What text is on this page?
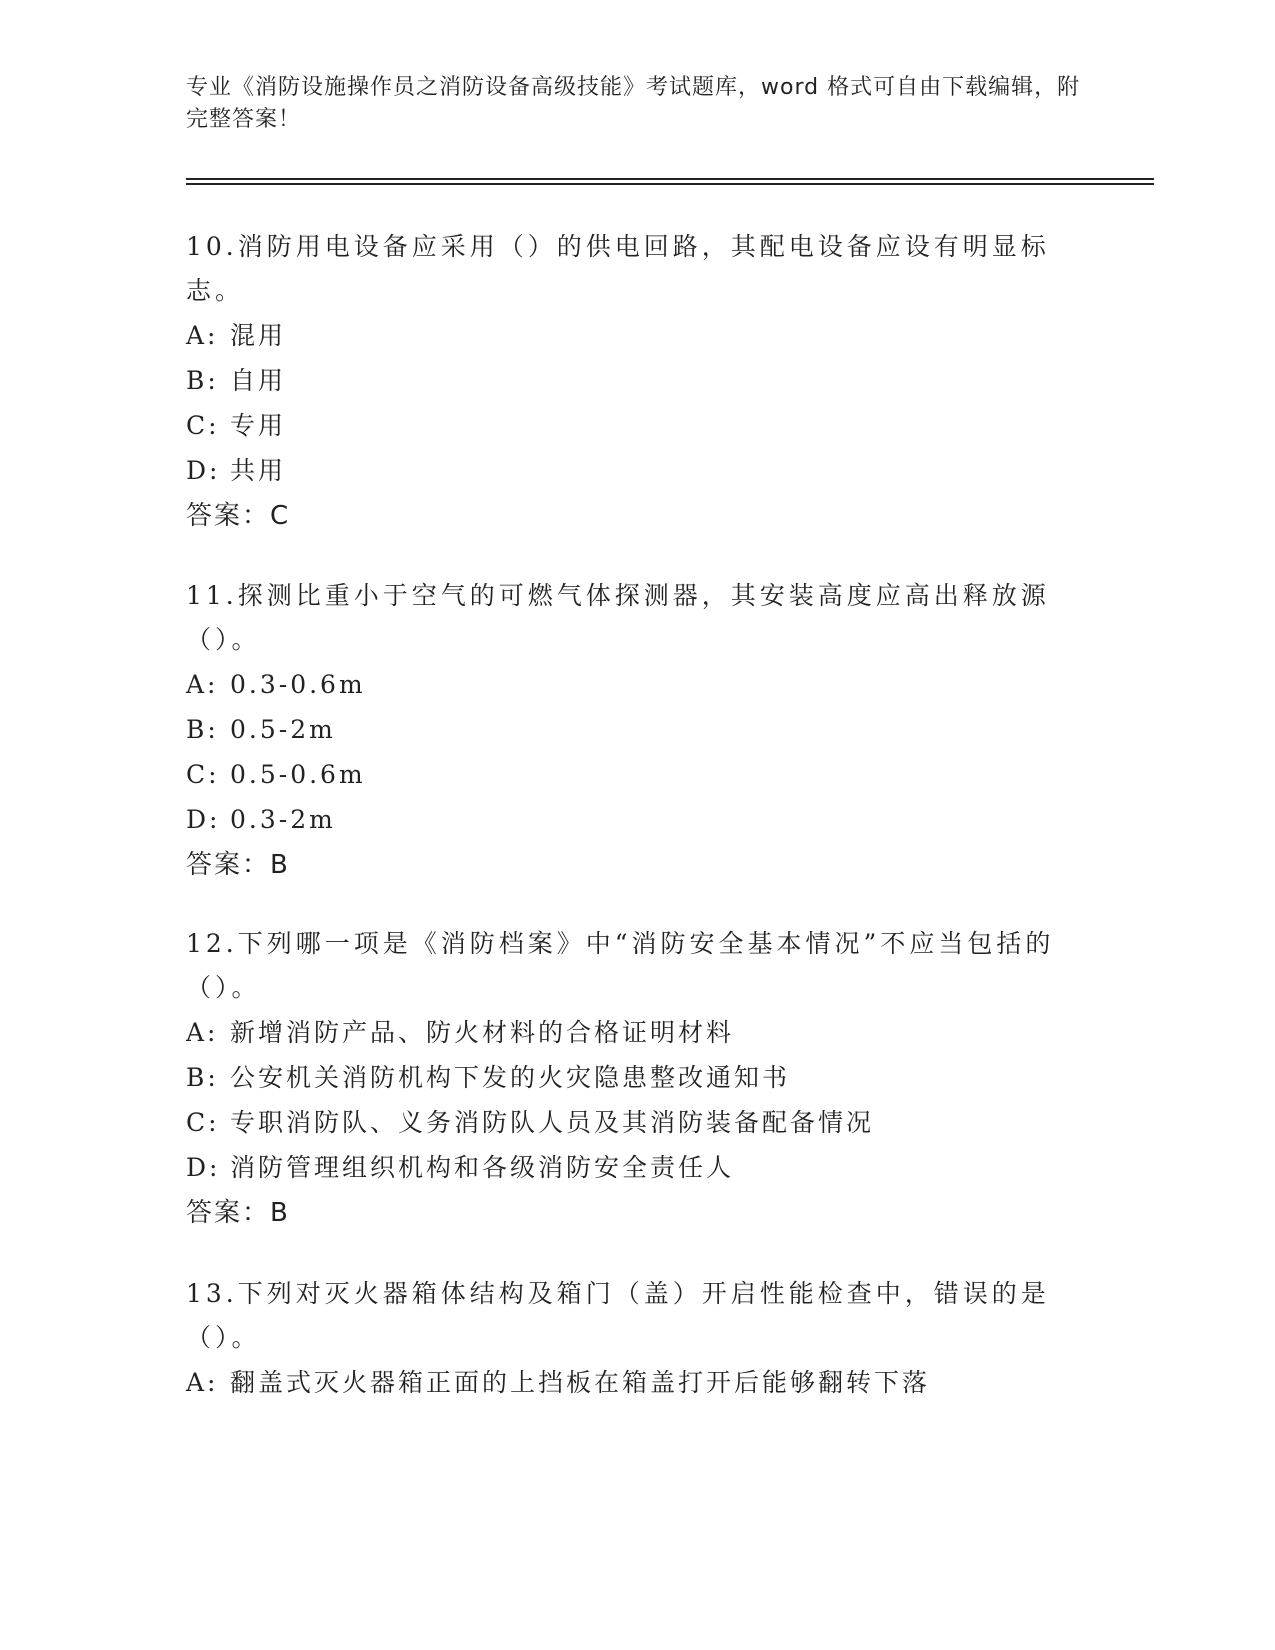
专业《消防设施操作员之消防设备高级技能》考试题库，word 格式可自由下载编辑，附完整答案！

10.消防用电设备应采用（）的供电回路，其配电设备应设有明显标志。

A: 混用

B: 自用

C: 专用

D: 共用

答案：C

11.探测比重小于空气的可燃气体探测器，其安装高度应高出释放源（）。

A: 0.3-0.6m

B: 0.5-2m

C: 0.5-0.6m

D: 0.3-2m

答案：B

12.下列哪一项是《消防档案》中“消防安全基本情况”不应当包括的（）。

A: 新增消防产品、防火材料的合格证明材料

B: 公安机关消防机构下发的火灾隐患整改通知书

C: 专职消防队、义务消防队人员及其消防装备配备情况

D: 消防管理组织机构和各级消防安全责任人

答案：B

13.下列对灭火器箱体结构及箱门（盖）开启性能检查中，错误的是（）。

A: 翻盖式灭火器箱正面的上挡板在箱盖打开后能够翻转下落
